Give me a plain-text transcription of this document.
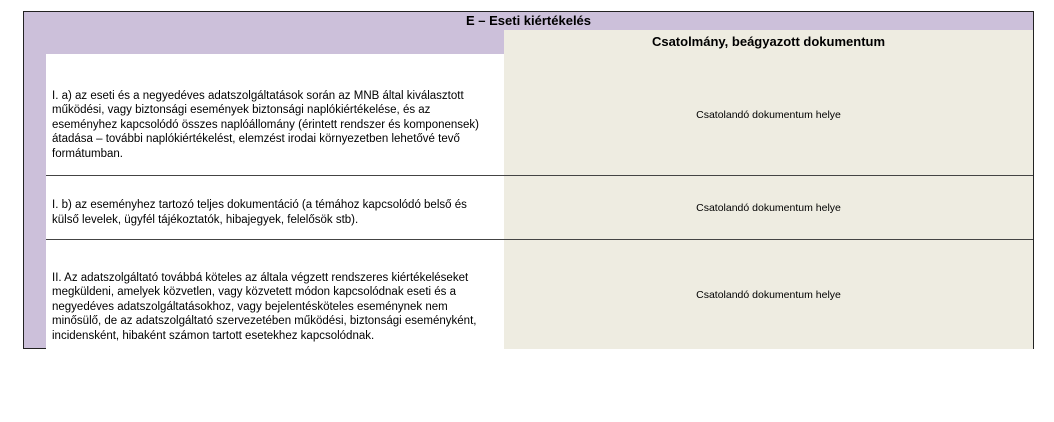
E – Eseti kiértékelés
Csatolmány, beágyazott dokumentum
I. a) az eseti és a negyedéves adatszolgáltatások során az MNB által kiválasztott működési, vagy biztonsági események biztonsági naplókiértékelése, és az eseményhez kapcsolódó összes naplóállomány (érintett rendszer és komponensek) átadása – további naplókiértékelést, elemzést irodai környezetben lehetővé tevő formátumban.
Csatolandó dokumentum helye
I. b) az eseményhez tartozó teljes dokumentáció (a témához kapcsolódó belső és külső levelek, ügyfél tájékoztatók, hibajegyek, felelősök stb).
Csatolandó dokumentum helye
II. Az adatszolgáltató továbbá köteles az általa végzett rendszeres kiértékeléseket megküldeni, amelyek közvetlen, vagy közvetett módon kapcsolódnak eseti és a negyedéves adatszolgáltatásokhoz, vagy bejelentésköteles eseménynek nem minősülő, de az adatszolgáltató szervezetében működési, biztonsági eseményként, incidensként, hibaként számon tartott esetekhez kapcsolódnak.
Csatolandó dokumentum helye
